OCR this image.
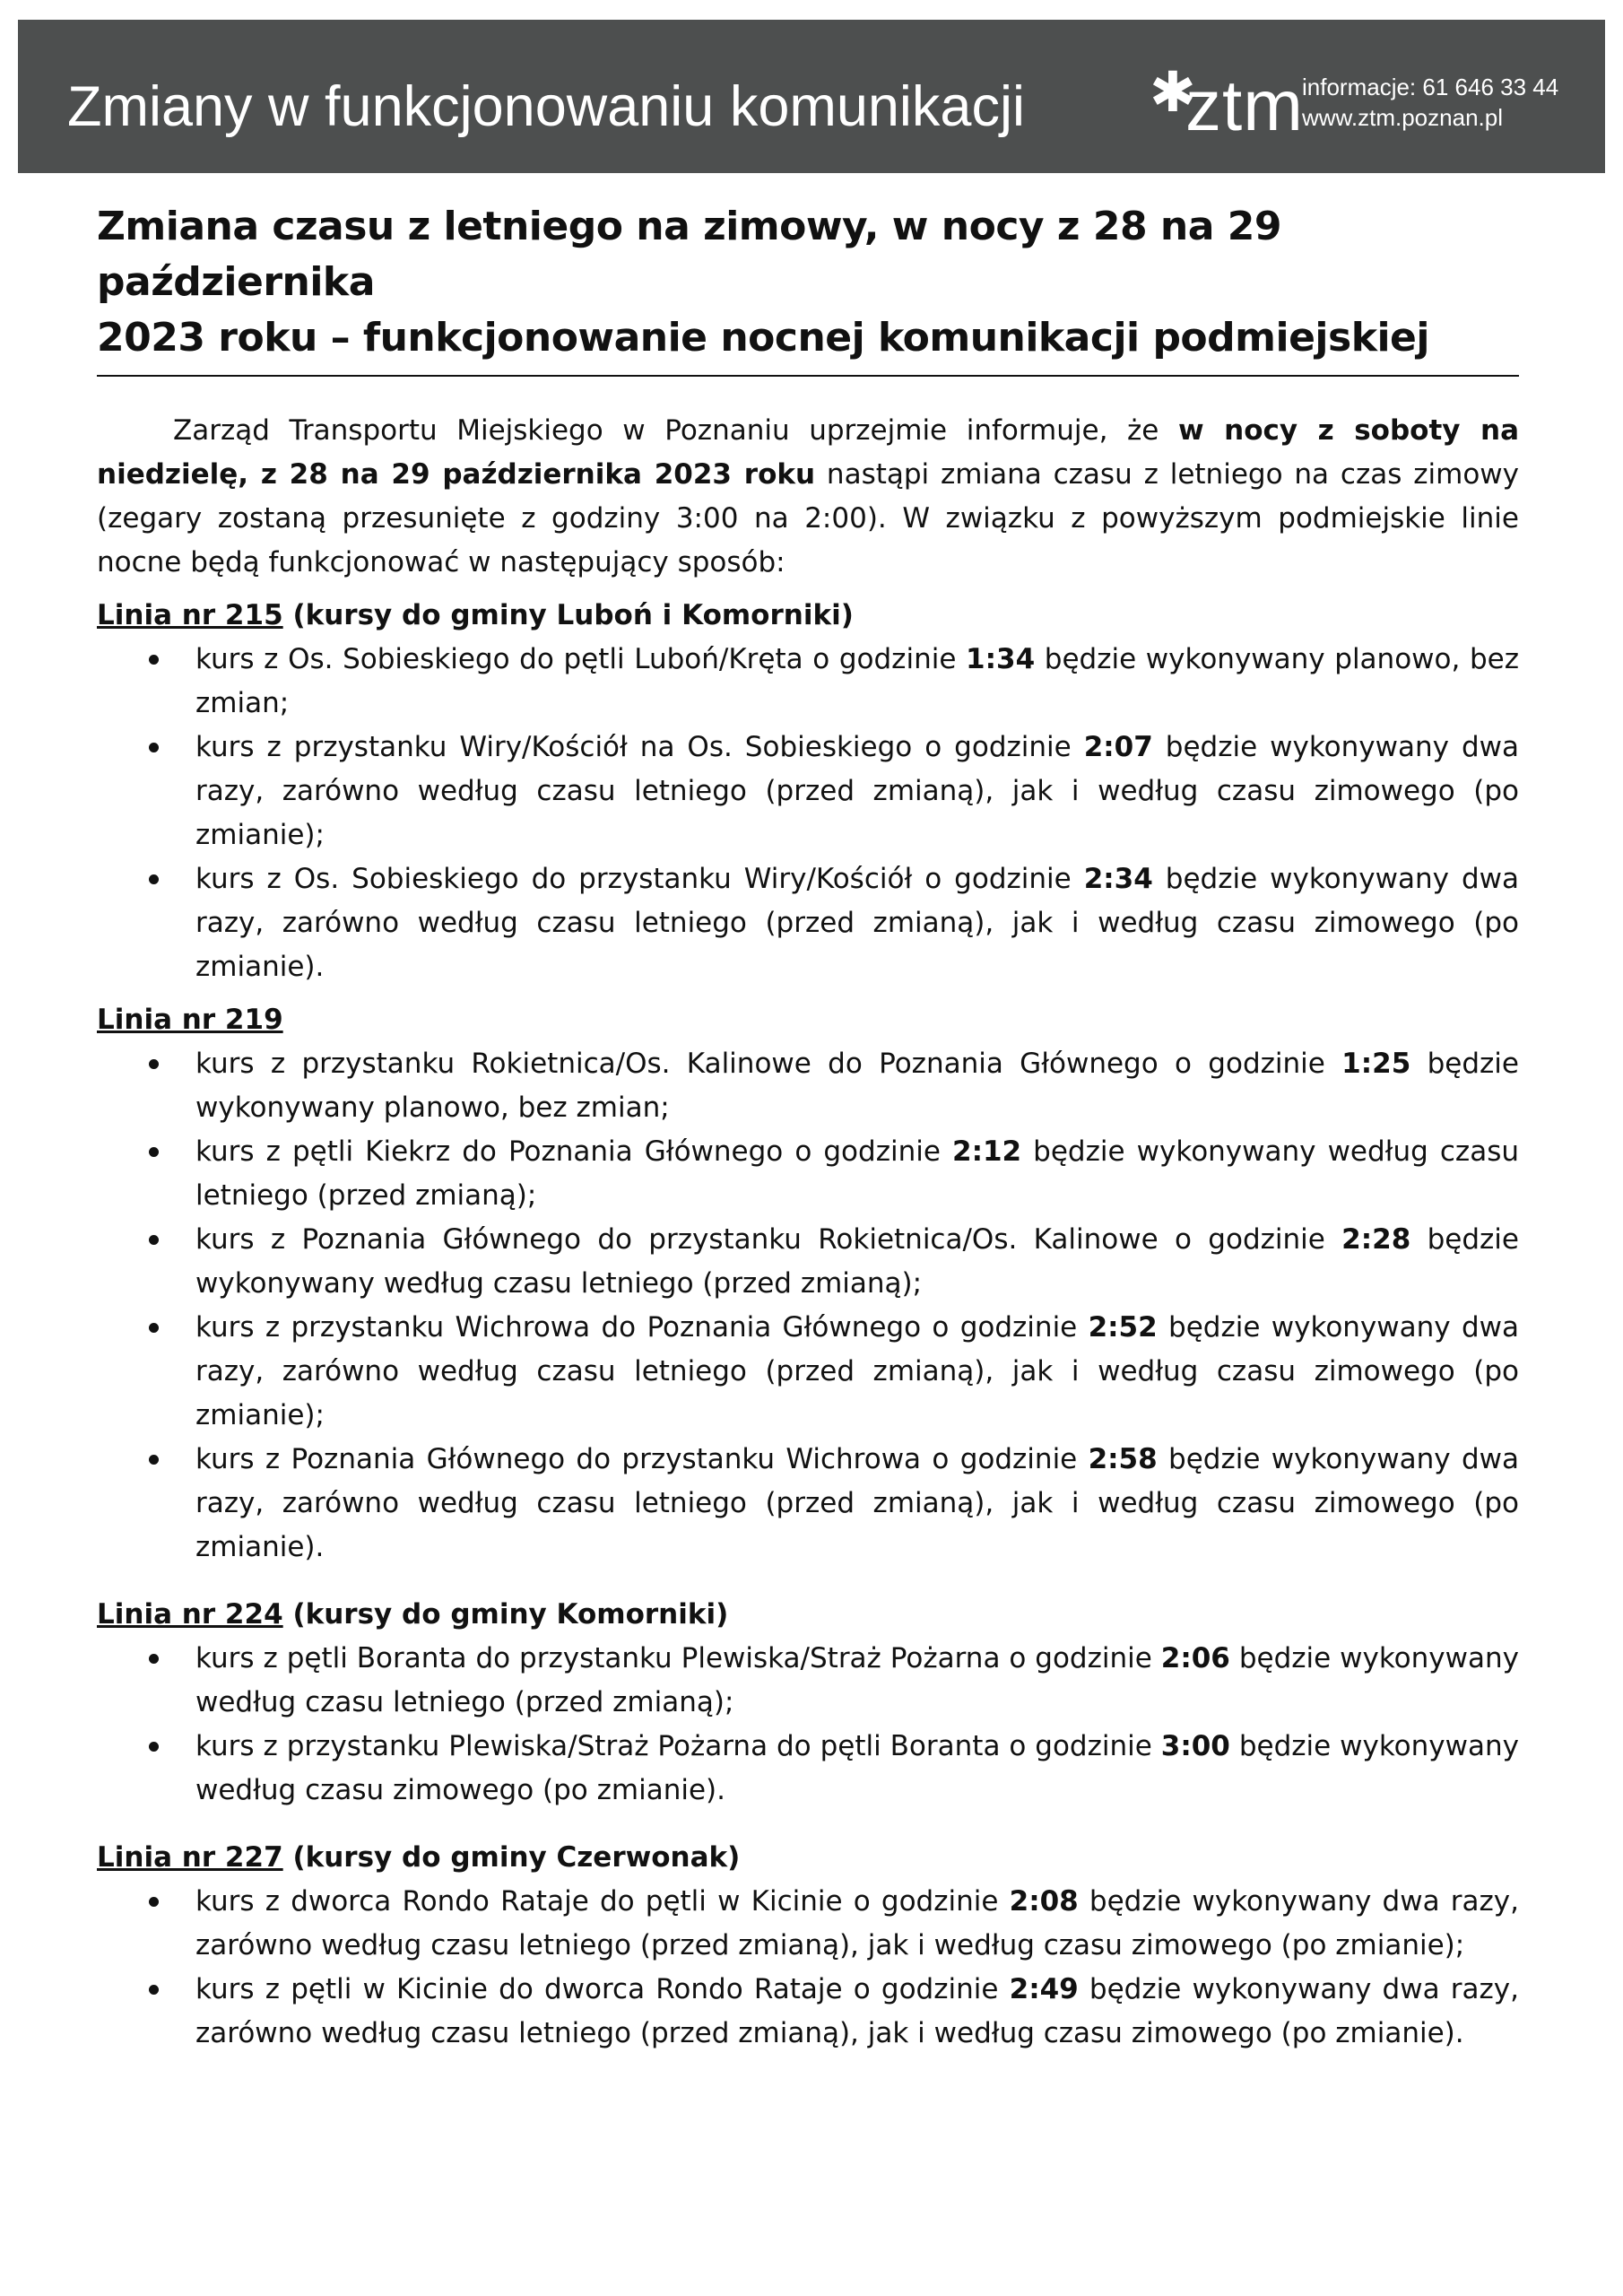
Zmiany w funkcjonowaniu komunikacji ✱
ztm
informacje: 61 646 33 44
www.ztm.poznan.pl
Zmiana czasu z letniego na zimowy, w nocy z 28 na 29 października
2023 roku – funkcjonowanie nocnej komunikacji podmiejskiej

Zarząd Transportu Miejskiego w Poznaniu uprzejmie informuje, że w nocy z soboty na niedzielę, z 28 na 29 października 2023 roku nastąpi zmiana czasu z letniego na czas zimowy (zegary zostaną przesunięte z godziny 3:00 na 2:00). W związku z powyższym podmiejskie linie nocne będą funkcjonować w następujący sposób:

Linia nr 215 (kursy do gminy Luboń i Komorniki)
kurs z Os. Sobieskiego do pętli Luboń/Kręta o godzinie 1:34 będzie wykonywany planowo, bez zmian;
kurs z przystanku Wiry/Kościół na Os. Sobieskiego o godzinie 2:07 będzie wykonywany dwa razy, zarówno według czasu letniego (przed zmianą), jak i według czasu zimowego (po zmianie);
kurs z Os. Sobieskiego do przystanku Wiry/Kościół o godzinie 2:34 będzie wykonywany dwa razy, zarówno według czasu letniego (przed zmianą), jak i według czasu zimowego (po zmianie).
Linia nr 219
kurs z przystanku Rokietnica/Os. Kalinowe do Poznania Głównego o godzinie 1:25 będzie wykonywany planowo, bez zmian;
kurs z pętli Kiekrz do Poznania Głównego o godzinie 2:12 będzie wykonywany według czasu letniego (przed zmianą);
kurs z Poznania Głównego do przystanku Rokietnica/Os. Kalinowe o godzinie 2:28 będzie wykonywany według czasu letniego (przed zmianą);
kurs z przystanku Wichrowa do Poznania Głównego o godzinie 2:52 będzie wykonywany dwa razy, zarówno według czasu letniego (przed zmianą), jak i według czasu zimowego (po zmianie);
kurs z Poznania Głównego do przystanku Wichrowa o godzinie 2:58 będzie wykonywany dwa razy, zarówno według czasu letniego (przed zmianą), jak i według czasu zimowego (po zmianie).
Linia nr 224 (kursy do gminy Komorniki)
kurs z pętli Boranta do przystanku Plewiska/Straż Pożarna o godzinie 2:06 będzie wykonywany według czasu letniego (przed zmianą);
kurs z przystanku Plewiska/Straż Pożarna do pętli Boranta o godzinie 3:00 będzie wykonywany według czasu zimowego (po zmianie).
Linia nr 227 (kursy do gminy Czerwonak)
kurs z dworca Rondo Rataje do pętli w Kicinie o godzinie 2:08 będzie wykonywany dwa razy, zarówno według czasu letniego (przed zmianą), jak i według czasu zimowego (po zmianie);
kurs z pętli w Kicinie do dworca Rondo Rataje o godzinie 2:49 będzie wykonywany dwa razy, zarówno według czasu letniego (przed zmianą), jak i według czasu zimowego (po zmianie).
